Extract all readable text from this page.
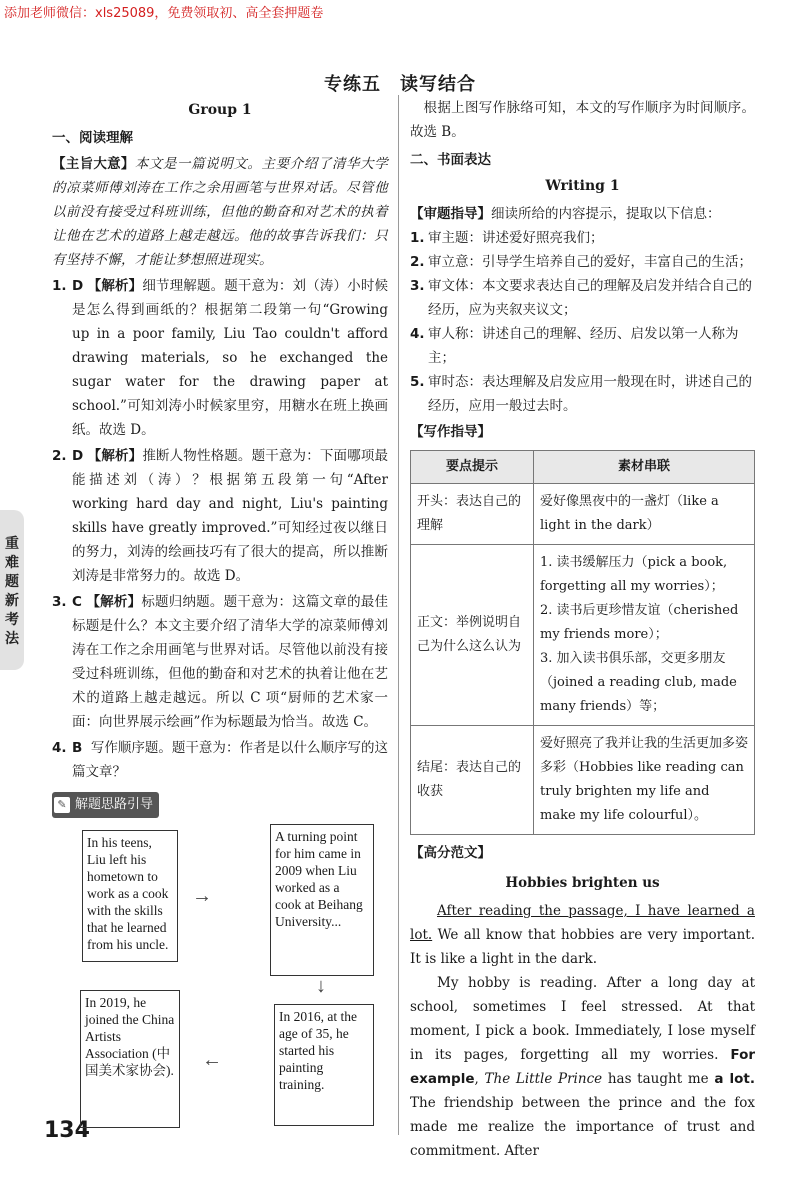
添加老师微信：xls25089，免费领取初、高全套押题卷
专练五　读写结合
重
难
题
新
考
法
134
Group 1
一、阅读理解

【主旨大意】本文是一篇说明文。主要介绍了清华大学的凉菜师傅刘涛在工作之余用画笔与世界对话。尽管他以前没有接受过科班训练，但他的勤奋和对艺术的执着让他在艺术的道路上越走越远。他的故事告诉我们：只有坚持不懈，才能让梦想照进现实。

1. D 【解析】细节理解题。题干意为：刘（涛）小时候是怎么得到画纸的？根据第二段第一句“Growing up in a poor family, Liu Tao couldn't afford drawing materials, so he exchanged the sugar water for the drawing paper at school.”可知刘涛小时候家里穷，用糖水在班上换画纸。故选 D。
2. D 【解析】推断人物性格题。题干意为：下面哪项最能描述刘（涛）？根据第五段第一句“After working hard day and night, Liu's painting skills have greatly improved.”可知经过夜以继日的努力，刘涛的绘画技巧有了很大的提高，所以推断刘涛是非常努力的。故选 D。
3. C 【解析】标题归纳题。题干意为：这篇文章的最佳标题是什么？本文主要介绍了清华大学的凉菜师傅刘涛在工作之余用画笔与世界对话。尽管他以前没有接受过科班训练，但他的勤奋和对艺术的执着让他在艺术的道路上越走越远。所以 C 项“厨师的艺术家一面：向世界展示绘画”作为标题最为恰当。故选 C。
4. B 写作顺序题。题干意为：作者是以什么顺序写的这篇文章？
✎ 解题思路引导
In his teens, Liu left his hometown to work as a cook with the skills that he learned from his uncle.
→
A turning point for him came in 2009 when Liu worked as a cook at Beihang University...
↓
In 2016, at the age of 35, he started his painting training.
←
In 2019, he joined the China Artists Association (中国美术家协会).

根据上图写作脉络可知，本文的写作顺序为时间顺序。故选 B。

二、书面表达
Writing 1

【审题指导】细读所给的内容提示，提取以下信息：

1. 审主题：讲述爱好照亮我们；
2. 审立意：引导学生培养自己的爱好，丰富自己的生活；
3. 审文体：本文要求表达自己的理解及启发并结合自己的经历，应为夹叙夹议文；
4. 审人称：讲述自己的理解、经历、启发以第一人称为主；
5. 审时态：表达理解及启发应用一般现在时，讲述自己的经历，应用一般过去时。
【写作指导】
要点提示	素材串联
开头：表达自己的理解	爱好像黑夜中的一盏灯（like a light in the dark）

正文：举例说明自己为什么这么认为	1. 读书缓解压力（pick a book, forgetting all my worries）；
2. 读书后更珍惜友谊（cherished my friends more）；
3. 加入读书俱乐部，交更多朋友（joined a reading club, made many friends）等；

结尾：表达自己的收获	爱好照亮了我并让我的生活更加多姿多彩（Hobbies like reading can truly brighten my life and make my life colourful）。
【高分范文】
Hobbies brighten us

After reading the passage, I have learned a lot. We all know that hobbies are very important. It is like a light in the dark.

My hobby is reading. After a long day at school, sometimes I feel stressed. At that moment, I pick a book. Immediately, I lose myself in its pages, forgetting all my worries. For example, The Little Prince has taught me a lot. The friendship between the prince and the fox made me realize the importance of trust and commitment. After
